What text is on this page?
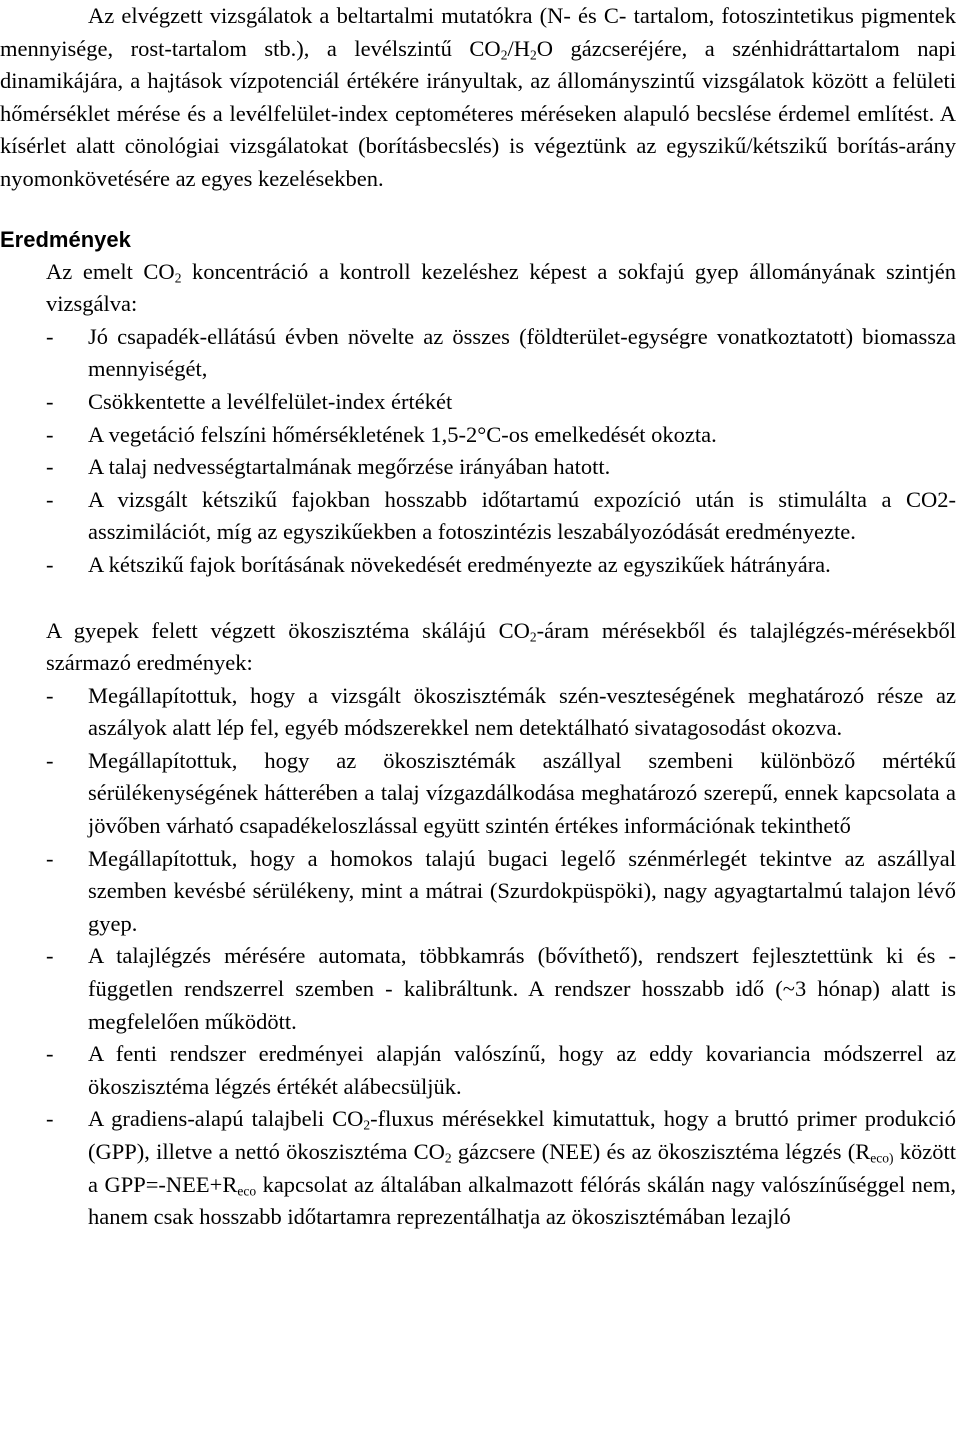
Az elvégzett vizsgálatok a beltartalmi mutatókra (N- és C- tartalom, fotoszintetikus pigmentek mennyisége, rost-tartalom stb.), a levélszintű $CO_2/H_2O$ gázcseréjére, a szénhidráttartalom napi dinamikájára, a hajtások vízpotenciál értékére irányultak, az állományszintű vizsgálatok között a felületi hőmérséklet mérése és a levélfelület-index ceptométeres méréseken alapuló becslése érdemel említést. A kísérlet alatt cönológiai vizsgálatokat (borításbecslés) is végeztünk az egyszikű/kétszikű borítás-arány nyomonkövetésére az egyes kezelésekben.

Eredmények

Az emelt $CO_2$ koncentráció a kontroll kezeléshez képest a sokfajú gyep állományának szintjén vizsgálva:

- Jó csapadék-ellátású évben növelte az összes (földterület-egységre vonatkoztatott) biomassza mennyiségét,
- Csökkentette a levélfelület-index értékét
- A vegetáció felszíni hőmérsékletének 1,5-2°C-os emelkedését okozta.
- A talaj nedvességtartalmának megőrzése irányában hatott.
- A vizsgált kétszikű fajokban hosszabb időtartamú expozíció után is stimulálta a CO2-asszimilációt, míg az egyszikűekben a fotoszintézis leszabályozódását eredményezte.
- A kétszikű fajok borításának növekedését eredményezte az egyszikűek hátrányára.

A gyepek felett végzett ökoszisztéma skálájú $CO_2$-áram mérésekből és talajlégzés-mérésekből származó eredmények:

- Megállapítottuk, hogy a vizsgált ökoszisztémák szén-veszteségének meghatározó része az aszályok alatt lép fel, egyéb módszerekkel nem detektálható sivatagosodást okozva.
- Megállapítottuk, hogy az ökoszisztémák aszállyal szembeni különböző mértékű sérülékenységének hátterében a talaj vízgazdálkodása meghatározó szerepű, ennek kapcsolata a jövőben várható csapadékeloszlással együtt szintén értékes információnak tekinthető
- Megállapítottuk, hogy a homokos talajú bugaci legelő szénmérlegét tekintve az aszállyal szemben kevésbé sérülékeny, mint a mátrai (Szurdokpüspöki), nagy agyagtartalmú talajon lévő gyep.
- A talajlégzés mérésére automata, többkamrás (bővíthető), rendszert fejlesztettünk ki és - független rendszerrel szemben - kalibráltunk. A rendszer hosszabb idő (~3 hónap) alatt is megfelelően működött.
- A fenti rendszer eredményei alapján valószínű, hogy az eddy kovariancia módszerrel az ökoszisztéma légzés értékét alábecsüljük.
- A gradiens-alapú talajbeli $CO_2$-fluxus mérésekkel kimutattuk, hogy a bruttó primer produkció (GPP), illetve a nettó ökoszisztéma $CO_2$ gázcsere (NEE) és az ökoszisztéma légzés ($R_{eco)}$ között a $GPP=-NEE+R_{eco}$ kapcsolat az általában alkalmazott félórás skálán nagy valószínűséggel nem, hanem csak hosszabb időtartamra reprezentálhatja az ökoszisztémában lezajló
